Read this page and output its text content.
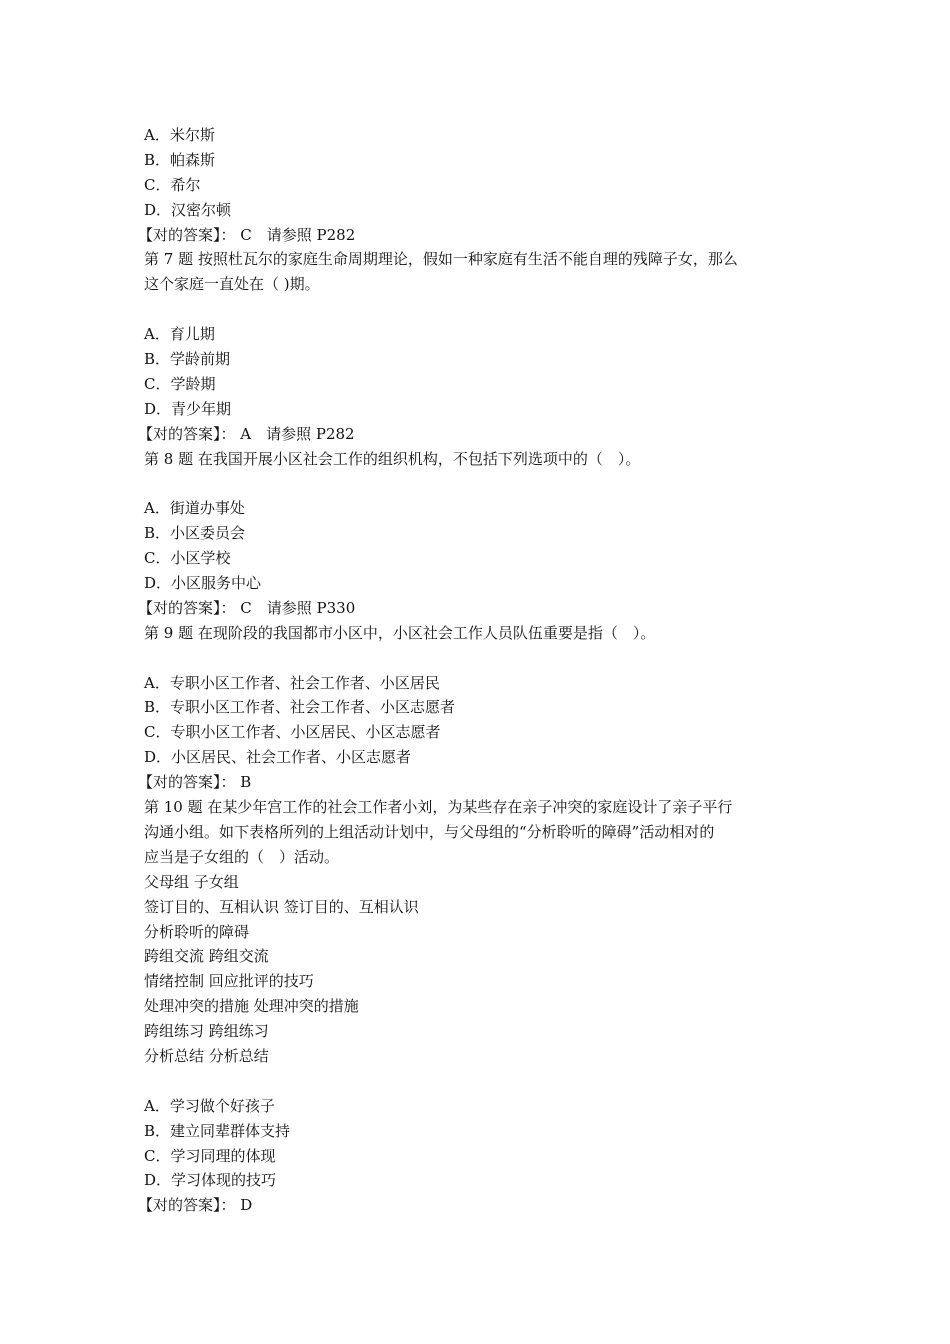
A．米尔斯
B．帕森斯
C．希尔
D．汉密尔顿
【对的答案】： C　请参照 P282
第 7 题 按照杜瓦尔的家庭生命周期理论，假如一种家庭有生活不能自理的残障子女，那么
这个家庭一直处在（ )期。
A．育儿期
B．学龄前期
C．学龄期
D．青少年期
【对的答案】： A　请参照 P282
第 8 题 在我国开展小区社会工作的组织机构，不包括下列选项中的（　）。
A．街道办事处
B．小区委员会
C．小区学校
D．小区服务中心
【对的答案】： C　请参照 P330
第 9 题 在现阶段的我国都市小区中，小区社会工作人员队伍重要是指（　）。
A．专职小区工作者、社会工作者、小区居民
B．专职小区工作者、社会工作者、小区志愿者
C．专职小区工作者、小区居民、小区志愿者
D．小区居民、社会工作者、小区志愿者
【对的答案】： B
第 10 题 在某少年宫工作的社会工作者小刘，为某些存在亲子冲突的家庭设计了亲子平行
沟通小组。如下表格所列的上组活动计划中，与父母组的“分析聆听的障碍”活动相对的
应当是子女组的（　）活动。
父母组 子女组
签订目的、互相认识 签订目的、互相认识
分析聆听的障碍
跨组交流 跨组交流
情绪控制 回应批评的技巧
处理冲突的措施 处理冲突的措施
跨组练习 跨组练习
分析总结 分析总结
A．学习做个好孩子
B．建立同辈群体支持
C．学习同理的体现
D．学习体现的技巧
【对的答案】： D
